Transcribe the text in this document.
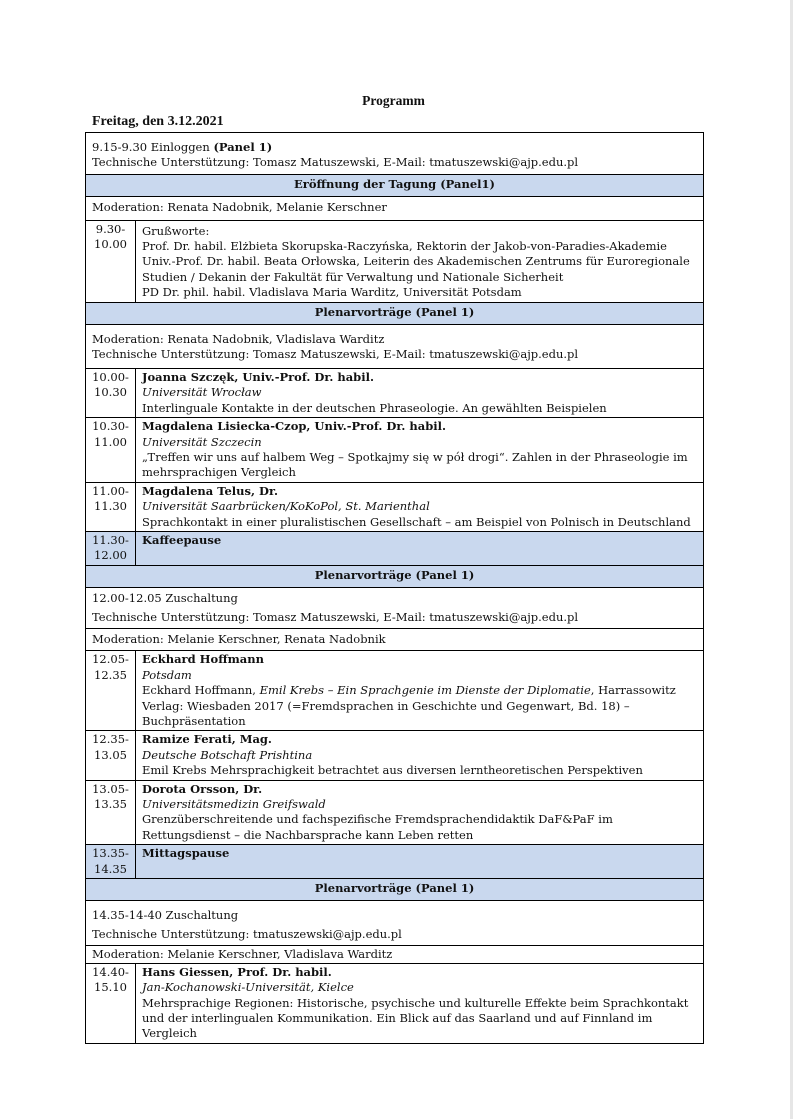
Programm
Freitag, den 3.12.2021
9.15-9.30 Einloggen (Panel 1)
Technische Unterstützung: Tomasz Matuszewski, E-Mail: tmatuszewski@ajp.edu.pl	

Eröffnung der Tagung (Panel1)	
Moderation: Renata Nadobnik, Melanie Kerschner	
9.30-
10.00	Grußworte:
Prof. Dr. habil. Elżbieta Skorupska-Raczyńska, Rektorin der Jakob-von-Paradies-Akademie
Univ.-Prof. Dr. habil. Beata Orłowska, Leiterin des Akademischen Zentrums für Euroregionale Studien / Dekanin der Fakultät für Verwaltung und Nationale Sicherheit
PD Dr. phil. habil. Vladislava Maria Warditz, Universität Potsdam

Plenarvorträge (Panel 1)	

Moderation: Renata Nadobnik, Vladislava Warditz
Technische Unterstützung: Tomasz Matuszewski, E-Mail: tmatuszewski@ajp.edu.pl	

10.00-
10.30	Joanna Szczęk, Univ.-Prof. Dr. habil.
Universität Wrocław
Interlinguale Kontakte in der deutschen Phraseologie. An gewählten Beispielen

10.30-
11.00	Magdalena Lisiecka-Czop, Univ.-Prof. Dr. habil.
Universität Szczecin
„Treffen wir uns auf halbem Weg – Spotkajmy się w pół drogi“. Zahlen in der Phraseologie im mehrsprachigen Vergleich

11.00-
11.30	Magdalena Telus, Dr.
Universität Saarbrücken/KoKoPol, St. Marienthal
Sprachkontakt in einer pluralistischen Gesellschaft – am Beispiel von Polnisch in Deutschland

11.30-
12.00	Kaffeepause
Plenarvorträge (Panel 1)	

12.00-12.05 Zuschaltung
Technische Unterstützung: Tomasz Matuszewski, E-Mail: tmatuszewski@ajp.edu.pl	

Moderation: Melanie Kerschner, Renata Nadobnik	
12.05-
12.35	Eckhard Hoffmann
Potsdam
Eckhard Hoffmann, Emil Krebs – Ein Sprachgenie im Dienste der Diplomatie, Harrassowitz Verlag: Wiesbaden 2017 (=Fremdsprachen in Geschichte und Gegenwart, Bd. 18) – Buchpräsentation

12.35-
13.05	Ramize Ferati, Mag.
Deutsche Botschaft Prishtina
Emil Krebs Mehrsprachigkeit betrachtet aus diversen lerntheoretischen Perspektiven

13.05-
13.35	Dorota Orsson, Dr.
Universitätsmedizin Greifswald
Grenzüberschreitende und fachspezifische Fremdsprachendidaktik DaF&PaF im Rettungsdienst – die Nachbarsprache kann Leben retten

13.35-
14.35	Mittagspause
Plenarvorträge (Panel 1)	

14.35-14-40 Zuschaltung
Technische Unterstützung: tmatuszewski@ajp.edu.pl	

Moderation: Melanie Kerschner, Vladislava Warditz	
14.40-
15.10	Hans Giessen, Prof. Dr. habil.
Jan-Kochanowski-Universität, Kielce
Mehrsprachige Regionen: Historische, psychische und kulturelle Effekte beim Sprachkontakt und der interlingualen Kommunikation. Ein Blick auf das Saarland und auf Finnland im Vergleich
